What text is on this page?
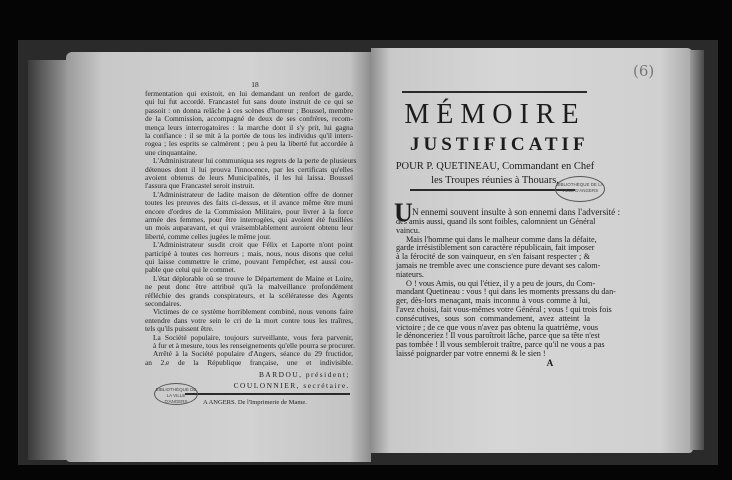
18
fermentation qui existoit, en lui demandant un renfort de garde,
qui lui fut accordé. Francastel fut sans doute instruit de ce qui se
passoit : on donna relâche à ces scènes d'horreur ; Boussel, membre
de la Commission, accompagné de deux de ses confrères, recom-
mença leurs interrogatoires : la marche dont il s'y prit, lui gagna
la confiance : il se mit à la portée de tous les individus qu'il interr-
rogea ; les esprits se calmèrent ; peu à peu la liberté fut accordée à
une cinquantaine.
L'Administrateur lui communiqua ses regrets de la perte de plusieurs
détenues dont il lui prouva l'innocence, par les certificats qu'elles
avoient obtenus de leurs Municipalités, il les lui laissa. Boussel
l'assura que Francastel seroit instruit.
L'Administrateur de ladite maison de détention offre de donner
toutes les preuves des faits ci-dessus, et il avance même être muni
encore d'ordres de la Commission Militaire, pour livrer à la force
armée des femmes, pour être interrogées, qui avoient été fusillées
un mois auparavant, et qui vraisemblablement auroient obtenu leur
liberté, comme celles jugées le même jour.
L'Administrateur susdit croit que Félix et Laporte n'ont point
participé à toutes ces horreurs ; mais, nous, nous disons que celui
qui laisse commettre le crime, pouvant l'empêcher, est aussi cou-
pable que celui qui le commet.
L'état déplorable où se trouve le Département de Maine et Loire,
ne peut donc être attribué qu'à la malveillance profondément
réfléchie des grands conspirateurs, et la scélératesse des Agents
secondaires.
Victimes de ce système horriblement combiné, nous venons faire
entendre dans votre sein le cri de la mort contre tous les traîtres,
tels qu'ils puissent être.
La Société populaire, toujours surveillante, vous fera parvenir,
à fur et à mesure, tous les renseignements qu'elle pourra se procurer.
Arrêté à la Société populaire d'Angers, séance du 29 fructidor,
an 2.e de la République française, une et indivisible.
BARDOU, président;
COULONNIER, secrétaire.
A ANGERS. De l'Imprimerie de Mame.
BIBLIOTHÈQUE DE LA VILLE D'ANGERS
(6)
MÉMOIRE
JUSTIFICATIF
POUR P. QUETINEAU, Commandant en Chef
les Troupes réunies à Thouars.
BIBLIOTHÈQUE DE LA VILLE D'ANGERS
U N ennemi souvent insulte à son ennemi dans l'adversité :
des amis aussi, quand ils sont foibles, calomnient un Général
vaincu.
Mais l'homme qui dans le malheur comme dans la défaite,
garde irrésistiblement son caractère républicain, fait imposer
à la férocité de son vainqueur, en s'en faisant respecter ; &
jamais ne tremble avec une conscience pure devant ses calom-
niateurs.
O ! vous Amis, ou qui l'étiez, il y a peu de jours, du Com-
mandant Quetineau : vous ! qui dans les moments pressans du dan-
ger, dès-lors menaçant, mais inconnu à vous comme à lui,
l'avez choisi, fait vous-mêmes votre Général ; vous ! qui trois fois
consécutives, sous son commandement, avez atteint la
victoire ; de ce que vous n'avez pas obtenu la quatrième, vous
le dénonceriez ! Il vous paroîtroit lâche, parce que sa tête n'est
pas tombée ! Il vous sembleroit traître, parce qu'il ne vous a pas
laissé poignarder par votre ennemi & le sien !
A
